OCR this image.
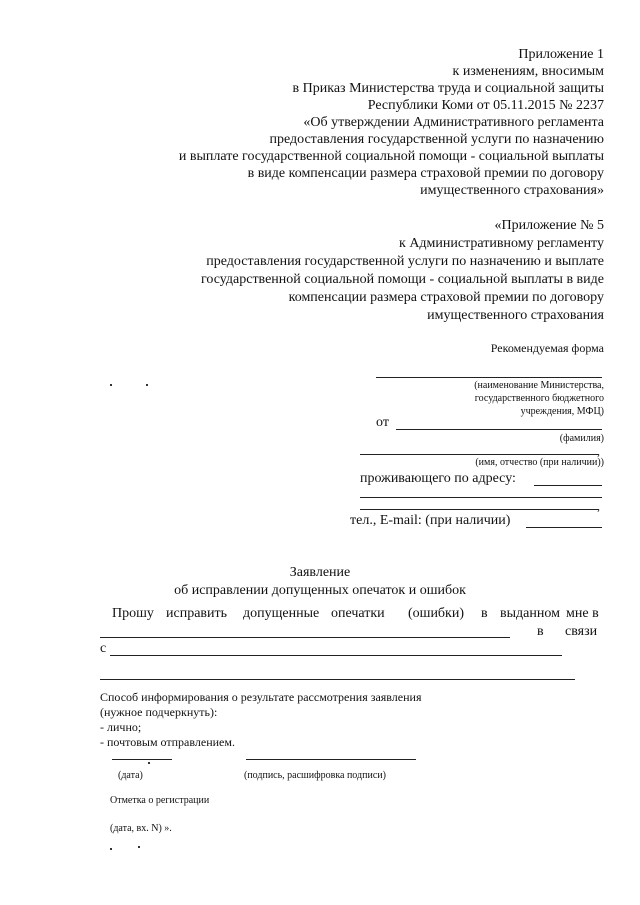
Приложение 1
к изменениям, вносимым
в Приказ Министерства труда и социальной защиты
Республики Коми от 05.11.2015 № 2237
«Об утверждении Административного регламента
предоставления государственной услуги по назначению
и выплате государственной социальной помощи - социальной выплаты
в виде компенсации размера страховой премии по договору
имущественного страхования»
«Приложение № 5
к Административному регламенту
предоставления государственной услуги по назначению и выплате
государственной социальной помощи - социальной выплаты в виде
компенсации размера страховой премии по договору
имущественного страхования
Рекомендуемая форма
(наименование Министерства,
государственного бюджетного
учреждения, МФЦ)
от
(фамилия)
,
(имя, отчество (при наличии))
проживающего по адресу:
,
тел., E-mail: (при наличии)
Заявление
об исправлении допущенных опечаток и ошибок
Прошу исправить допущенные опечатки (ошибки) в выданном мне в
в связи
с
Способ информирования о результате рассмотрения заявления
(нужное подчеркнуть):
- лично;
- почтовым отправлением.
(дата)	(подпись, расшифровка подписи)
Отметка о регистрации
(дата, вх. N) ».
